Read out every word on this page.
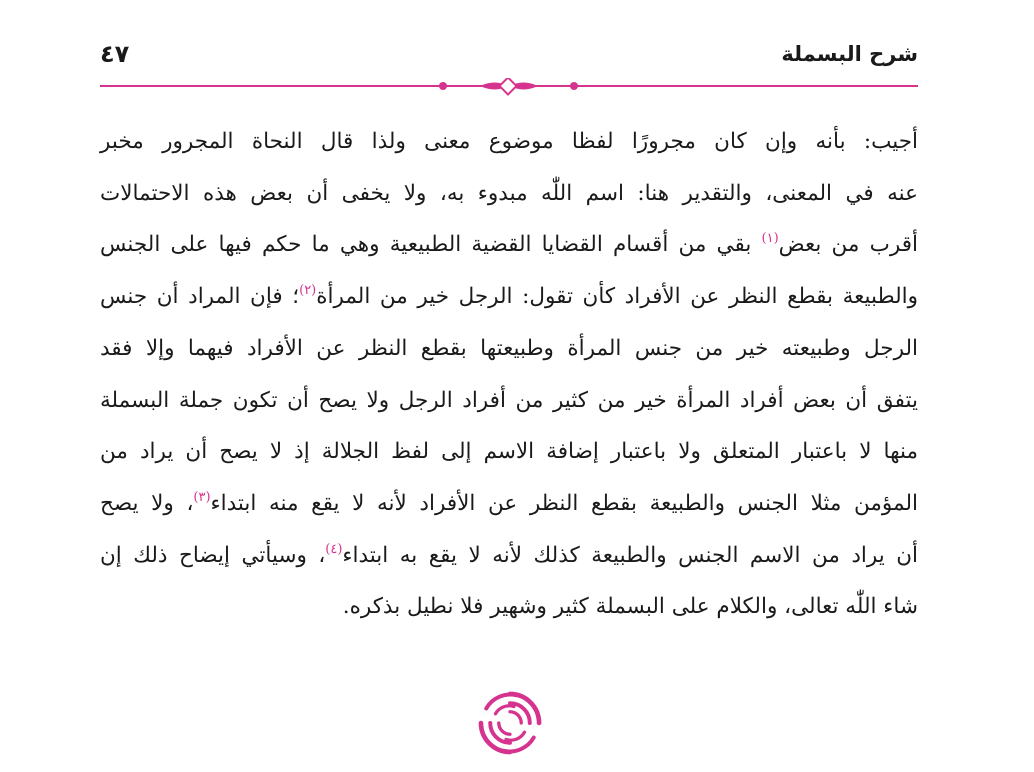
شرح البسملة
٤٧
أجيب: بأنه وإن كان مجرورًا لفظا موضوع معنى ولذا قال النحاة المجرور مخبر
عنه في المعنى، والتقدير هنا: اسم اللّٰه مبدوء به، ولا يخفى أن بعض هذه الاحتمالات
أقرب من بعض$^{(١)}$ بقي من أقسام القضايا القضية الطبيعية وهي ما حكم فيها على الجنس
والطبيعة بقطع النظر عن الأفراد كأن تقول: الرجل خير من المرأة$^{(٢)}$؛ فإن المراد أن جنس
الرجل وطبيعته خير من جنس المرأة وطبيعتها بقطع النظر عن الأفراد فيهما وإلا فقد
يتفق أن بعض أفراد المرأة خير من كثير من أفراد الرجل ولا يصح أن تكون جملة البسملة
منها لا باعتبار المتعلق ولا باعتبار إضافة الاسم إلى لفظ الجلالة إذ لا يصح أن يراد من
المؤمن مثلا الجنس والطبيعة بقطع النظر عن الأفراد لأنه لا يقع منه ابتداء$^{(٣)}$، ولا يصح
أن يراد من الاسم الجنس والطبيعة كذلك لأنه لا يقع به ابتداء$^{(٤)}$، وسيأتي إيضاح ذلك إن
شاء اللّٰه تعالى، والكلام على البسملة كثير وشهير فلا نطيل بذكره.
